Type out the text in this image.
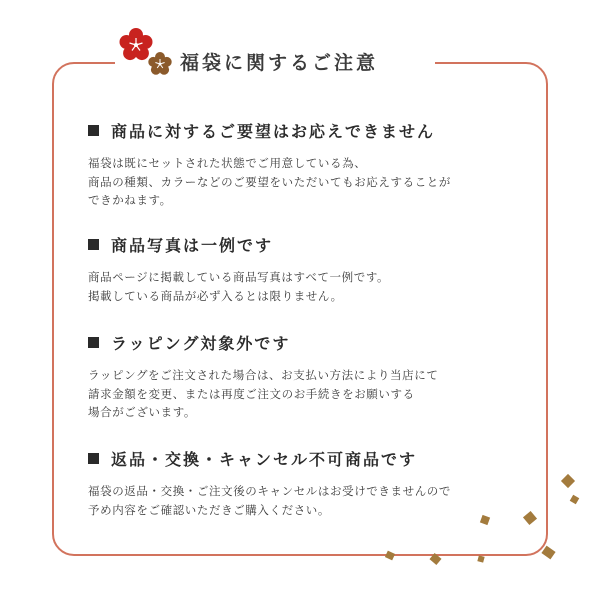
福袋に関するご注意
商品に対するご要望はお応えできません
福袋は既にセットされた状態でご用意している為、
商品の種類、カラーなどのご要望をいただいてもお応えすることが
できかねます。
商品写真は一例です
商品ページに掲載している商品写真はすべて一例です。
掲載している商品が必ず入るとは限りません。
ラッピング対象外です
ラッピングをご注文された場合は、お支払い方法により当店にて
請求金額を変更、または再度ご注文のお手続きをお願いする
場合がございます。
返品・交換・キャンセル不可商品です
福袋の返品・交換・ご注文後のキャンセルはお受けできませんので
予め内容をご確認いただきご購入ください。
